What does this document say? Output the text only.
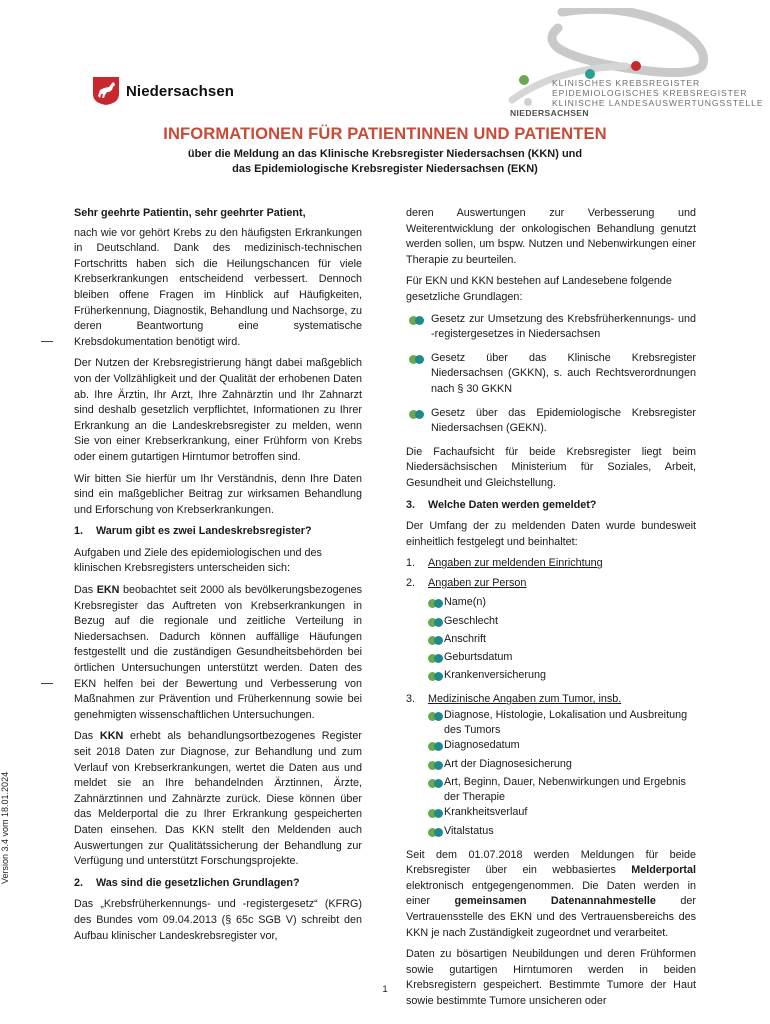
Niedersachsen	KLINISCHES KREBSREGISTER
EPIDEMIOLOGISCHES KREBSREGISTER
KLINISCHE LANDESAUSWERTUNGSSTELLE
NIEDERSACHSEN
INFORMATIONEN FÜR PATIENTINNEN UND PATIENTEN
über die Meldung an das Klinische Krebsregister Niedersachsen (KKN) und
das Epidemiologische Krebsregister Niedersachsen (EKN)
Version 3.4 vom 18.01.2024

Sehr geehrte Patientin, sehr geehrter Patient,

nach wie vor gehört Krebs zu den häufigsten Erkrankungen in Deutschland. Dank des medizinisch-technischen Fortschritts haben sich die Heilungschancen für viele Krebserkrankungen entscheidend verbessert. Dennoch bleiben offene Fragen im Hinblick auf Häufigkeiten, Früherkennung, Diagnostik, Behandlung und Nachsorge, zu deren Beantwortung eine systematische Krebsdokumentation benötigt wird.

Der Nutzen der Krebsregistrierung hängt dabei maßgeblich von der Vollzähligkeit und der Qualität der erhobenen Daten ab. Ihre Ärztin, Ihr Arzt, Ihre Zahnärztin und Ihr Zahnarzt sind deshalb gesetzlich verpflichtet, Informationen zu Ihrer Erkrankung an die Landeskrebsregister zu melden, wenn Sie von einer Krebserkrankung, einer Frühform von Krebs oder einem gutartigen Hirntumor betroffen sind.

Wir bitten Sie hierfür um Ihr Verständnis, denn Ihre Daten sind ein maßgeblicher Beitrag zur wirksamen Behandlung und Erforschung von Krebserkrankungen.

1.	Warum gibt es zwei Landeskrebsregister?

Aufgaben und Ziele des epidemiologischen und des klinischen Krebsregisters unterscheiden sich:

Das EKN beobachtet seit 2000 als bevölkerungsbezogenes Krebsregister das Auftreten von Krebserkrankungen in Bezug auf die regionale und zeitliche Verteilung in Niedersachsen. Dadurch können auffällige Häufungen festgestellt und die zuständigen Gesundheitsbehörden bei örtlichen Untersuchungen unterstützt werden. Daten des EKN helfen bei der Bewertung und Verbesserung von Maßnahmen zur Prävention und Früherkennung sowie bei genehmigten wissenschaftlichen Untersuchungen.

Das KKN erhebt als behandlungsortbezogenes Register seit 2018 Daten zur Diagnose, zur Behandlung und zum Verlauf von Krebserkrankungen, wertet die Daten aus und meldet sie an Ihre behandelnden Ärztinnen, Ärzte, Zahnärztinnen und Zahnärzte zurück. Diese können über das Melderportal die zu Ihrer Erkrankung gespeicherten Daten einsehen. Das KKN stellt den Meldenden auch Auswertungen zur Qualitätssicherung der Behandlung zur Verfügung und unterstützt Forschungsprojekte.

2.	Was sind die gesetzlichen Grundlagen?

Das „Krebsfrüherkennungs- und -registergesetz“ (KFRG) des Bundes vom 09.04.2013 (§ 65c SGB V) schreibt den Aufbau klinischer Landeskrebsregister vor,

deren Auswertungen zur Verbesserung und Weiterentwicklung der onkologischen Behandlung genutzt werden sollen, um bspw. Nutzen und Nebenwirkungen einer Therapie zu beurteilen.

Für EKN und KKN bestehen auf Landesebene folgende gesetzliche Grundlagen:

Gesetz zur Umsetzung des Krebsfrüherkennungs- und -registergesetzes in Niedersachsen
Gesetz über das Klinische Krebsregister Niedersachsen (GKKN), s. auch Rechtsverordnungen nach § 30 GKKN
Gesetz über das Epidemiologische Krebsregister Niedersachsen (GEKN).

Die Fachaufsicht für beide Krebsregister liegt beim Niedersächsischen Ministerium für Soziales, Arbeit, Gesundheit und Gleichstellung.

3.	Welche Daten werden gemeldet?

Der Umfang der zu meldenden Daten wurde bundesweit einheitlich festgelegt und beinhaltet:

1.	Angaben zur meldenden Einrichtung
2.	Angaben zur Person
Name(n)
Geschlecht
Anschrift
Geburtsdatum
Krankenversicherung
3.	Medizinische Angaben zum Tumor, insb.
Diagnose, Histologie, Lokalisation und Ausbreitung des Tumors
Diagnosedatum
Art der Diagnosesicherung
Art, Beginn, Dauer, Nebenwirkungen und Ergebnis der Therapie
Krankheitsverlauf
Vitalstatus

Seit dem 01.07.2018 werden Meldungen für beide Krebsregister über ein webbasiertes Melderportal elektronisch entgegengenommen. Die Daten werden in einer gemeinsamen Datenannahmestelle der Vertrauensstelle des EKN und des Vertrauensbereichs des KKN je nach Zuständigkeit zugeordnet und verarbeitet.

Daten zu bösartigen Neubildungen und deren Frühformen sowie gutartigen Hirntumoren werden in beiden Krebsregistern gespeichert. Bestimmte Tumore der Haut sowie bestimmte Tumore unsicheren oder

1
